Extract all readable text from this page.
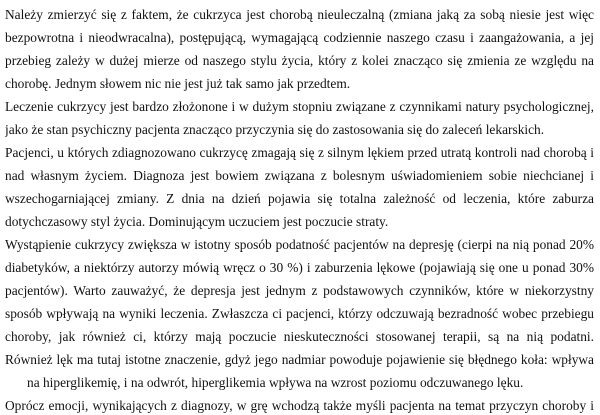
Należy zmierzyć się z faktem, że cukrzyca jest chorobą nieuleczalną (zmiana jaką za sobą niesie jest więc
bezpowrotna i nieodwracalna), postępującą, wymagającą codziennie naszego czasu i zaangażowania, a jej
przebieg zależy w dużej mierze od naszego stylu życia, który z kolei znacząco się zmienia ze względu na
chorobę. Jednym słowem nic nie jest już tak samo jak przedtem.
Leczenie cukrzycy jest bardzo złożonone i w dużym stopniu związane z czynnikami natury psychologicznej,
jako że stan psychiczny pacjenta znacząco przyczynia się do zastosowania się do zaleceń lekarskich.
Pacjenci, u których zdiagnozowano cukrzycę zmagają się z silnym lękiem przed utratą kontroli nad chorobą i
nad własnym życiem. Diagnoza jest bowiem związana z bolesnym uświadomieniem sobie niechcianej i
wszechogarniającej zmiany. Z dnia na dzień pojawia się totalna zależność od leczenia, które zaburza
dotychczasowy styl życia. Dominującym uczuciem jest poczucie straty.
Wystąpienie cukrzycy zwiększa w istotny sposób podatność pacjentów na depresję (cierpi na nią ponad 20%
diabetyków, a niektórzy autorzy mówią wręcz o 30 %) i zaburzenia lękowe (pojawiają się one u ponad 30%
pacjentów). Warto zauważyć, że depresja jest jednym z podstawowych czynników, które w niekorzystny
sposób wpływają na wyniki leczenia. Zwłaszcza ci pacjenci, którzy odczuwają bezradność wobec przebiegu
choroby, jak również ci, którzy mają poczucie nieskuteczności stosowanej terapii, są na nią podatni.
Również lęk ma tutaj istotne znaczenie, gdyż jego nadmiar powoduje pojawienie się błędnego koła: wpływa
na hiperglikemię, i na odwrót, hiperglikemia wpływa na wzrost poziomu odczuwanego lęku.
Oprócz emocji, wynikających z diagnozy, w grę wchodzą także myśli pacjenta na temat przyczyn choroby i
